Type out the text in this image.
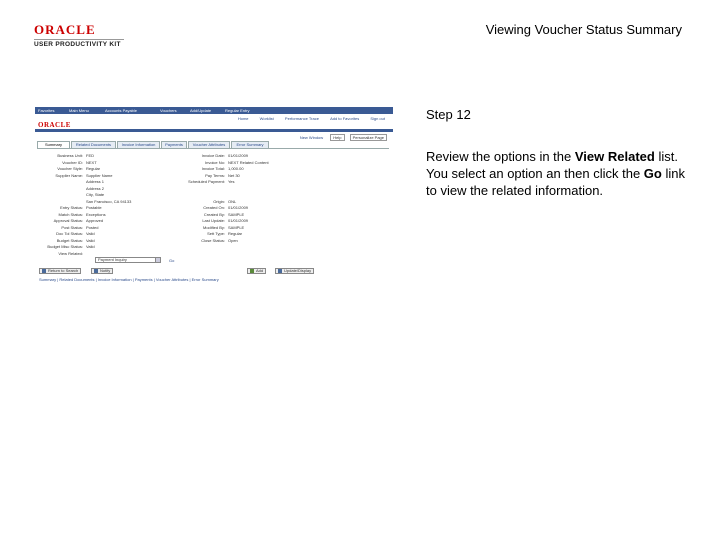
ORACLE
USER PRODUCTIVITY KIT
Viewing Voucher Status Summary
Favorites	Main Menu	Accounts Payable	Vouchers	Add/Update	Regular Entry
Home	Worklist	Performance Trace	Add to Favorites	Sign out
ORACLE
New Window	Help	Personalize Page
Summary	Related Documents	Invoice Information	Payments	Voucher Attributes	Error Summary
Business Unit: FED
Voucher ID: NEXT
Voucher Style: Regular
Supplier Name: Supplier Name
Address 1
Address 2
City, State
San Francisco, CA 94133
Entry Status: Postable
Match Status: Exceptions
Approval Status: Approved
Post Status: Posted
Doc Tol Status: Valid
Budget Status: Valid
Budget Misc Status: Valid
View Related:
Invoice Date: 01/01/2009
Invoice No: NEXT Related Content
Invoice Total: 1,000.00
Pay Terms: Net 30
Scheduled Payment: Yes
Origin: ONL
Created On: 01/01/2009
Created By: SAMPLE
Last Update: 01/01/2009
Modified By: SAMPLE
Sett Type: Regular
Close Status: Open
Payment Inquiry	Go
Return to Search	Notify	Add	Update/Display
Summary | Related Documents | Invoice Information | Payments | Voucher Attributes | Error Summary
Step 12
Review the options in the View Related list. You select an option an then click the Go link to view the related information.
